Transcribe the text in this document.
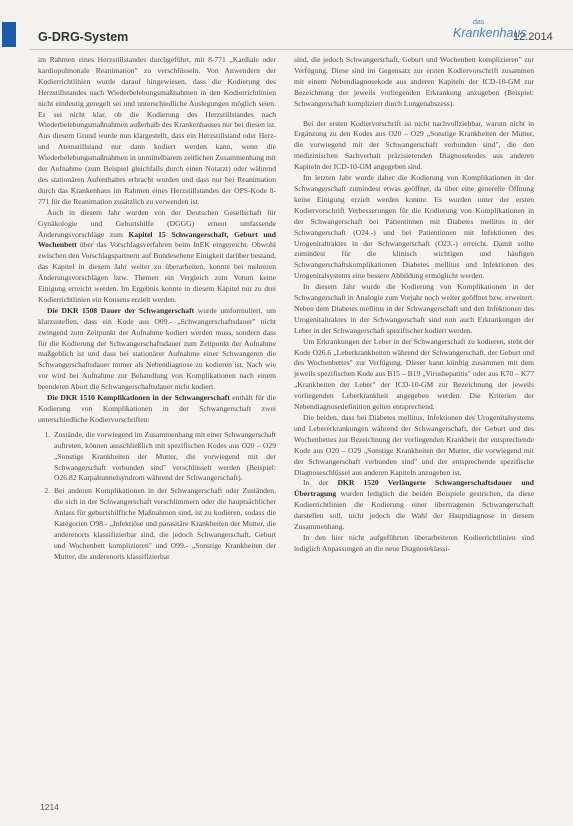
G-DRG-System
das
Krankenhaus
12.2014

im Rahmen eines Herzstillstandes durchgeführt, mit 8-771 „Kardiale oder kardiopulmonale Reanimation" zu verschlüsseln. Von Anwendern der Kodierrichtlinien wurde darauf hingewiesen, dass die Kodierung des Herzstillstandes nach Wiederbelebungsmaßnahmen in den Kodierrichtlinien nicht eindeutig geregelt sei und unterschiedliche Auslegungen möglich seien. Es sei nicht klar, ob die Kodierung des Herzstillstandes nach Wiederbelebungsmaßnahmen außerhalb des Krankenhauses nur bei diesen ist. Aus diesem Grund wurde nun klargestellt, dass ein Herzstillstand oder Herz- und Atemstillstand nur dann kodiert werden kann, wenn die Wiederbelebungsmaßnahmen in unmittelbarem zeitlichen Zusammenhang mit der Aufnahme (zum Beispiel gleichfalls durch einen Notarzt) oder während des stationären Aufenthaltes erbracht wurden und dass nur bei Reanimation durch das Krankenhaus im Rahmen eines Herzstillstandes der OPS-Kode 8-771 für die Reanimation zusätzlich zu verwenden ist.

Auch in diesem Jahr wurden von der Deutschen Gesellschaft für Gynäkologie und Geburtshilfe (DGGG) erneut umfassende Änderungsvorschläge zum Kapitel 15 Schwangerschaft, Geburt und Wochenbett über das Vorschlagsverfahren beim InEK eingereicht. Obwohl zwischen den Vorschlagspartnern auf Bundesebene Einigkeit darüber bestand, das Kapitel in diesem Jahr weiter zu überarbeiten, konnte bei mehreren Änderungsvorschlägen bzw. Themen ein Vergleich zum Votum keine Einigung erreicht werden. Im Ergebnis konnte in diesem Kapitel nur zu drei Kodierrichtlinien ein Konsens erzielt werden.

Die DKR 1508 Dauer der Schwangerschaft wurde umformuliert, um klarzustellen, dass ein Kode aus O09.- „Schwangerschaftsdauer" nicht zwingend zum Zeitpunkt der Aufnahme kodiert werden muss, sondern dass für die Kodierung der Schwangerschaftsdauer zum Zeitpunkt der Aufnahme maßgeblich ist und dass bei stationärer Aufnahme einer Schwangeren die Schwangerschaftsdauer immer als Nebendiagnose zu kodieren ist. Nach wie vor wird bei Aufnahme zur Behandlung von Komplikationen nach einem beendeten Abort die Schwangerschaftsdauer nicht kodiert.

Die DKR 1510 Komplikationen in der Schwangerschaft enthält für die Kodierung von Komplikationen in der Schwangerschaft zwei unterschiedliche Kodiervorschriften:

1. Zustände, die vorwiegend im Zusammenhang mit einer Schwangerschaft auftreten, können ausschließlich mit spezifischen Kodes aus O20 – O29 „Sonstige Krankheiten der Mutter, die vorwiegend mit der Schwangerschaft verbunden sind" verschlüsselt werden (Beispiel: O26.82 Karpaltunnelsyndrom während der Schwangerschaft).
2. Bei anderen Komplikationen in der Schwangerschaft oder Zuständen, die sich in der Schwangerschaft verschlimmern oder die hauptsächlicher Anlass für geburtshilfliche Maßnahmen sind, ist zu kodieren, sodass die Kategorien O98.- „Infektiöse und parasitäre Krankheiten der Mutter, die anderenorts klassifizierbar sind, die jedoch Schwangerschaft, Geburt und Wochenbett komplizieren" und O99.- „Sonstige Krankheiten der Mutter, die anderenorts klassifizierbar

sind, die jedoch Schwangerschaft, Geburt und Wochenbett komplizieren" zur Verfügung. Diese sind im Gegensatz zur ersten Kodiervorschrift zusammen mit einem Nebendiagnosekode aus anderen Kapiteln der ICD-10-GM zur Bezeichnung der jeweils vorliegenden Erkrankung anzugeben (Beispiel: Schwangerschaft kompliziert durch Lungenabszess).

Bei der ersten Kodiervorschrift ist nicht nachvollziehbar, warum nicht in Ergänzung zu den Kodes aus O20 – O29 „Sonstige Krankheiten der Mutter, die vorwiegend mit der Schwangerschaft verbunden sind", die den medizinischen Sachverhalt präzisierenden Diagnosekodes aus anderen Kapiteln der ICD-10-GM angegeben sind.

Im letzten Jahr wurde daher die Kodierung von Komplikationen in der Schwangerschaft zumindest etwas geöffnet, da über eine generelle Öffnung keine Einigung erzielt werden konnte. Es wurden unter der ersten Kodiervorschrift Verbesserungen für die Kodierung von Komplikationen in der Schwangerschaft bei Patientinnen mit Diabetes mellitus in der Schwangerschaft (O24.-) und bei Patientinnen mit Infektionen des Urogenitaltraktes in der Schwangerschaft (O23.-) erreicht. Damit sollte zumindest für die klinisch wichtigen und häufigen Schwangerschaftskomplikationen Diabetes mellitus und Infektionen des Urogenitalsystems eine bessere Abbildung ermöglicht werden.

In diesem Jahr wurde die Kodierung von Komplikationen in der Schwangerschaft in Analogie zum Vorjahr noch weiter geöffnet bzw. erweitert. Neben dem Diabetes mellitus in der Schwangerschaft und den Infektionen des Urogenitaltraktes in der Schwangerschaft sind nun auch Erkrankungen der Leber in der Schwangerschaft spezifischer kodiert werden.

Um Erkrankungen der Leber in der Schwangerschaft zu kodieren, steht der Kode O26.6 „Leberkrankheiten während der Schwangerschaft, der Geburt und des Wochenbettes" zur Verfügung. Dieser kann künftig zusammen mit dem jeweils spezifischen Kode aus B15 – B19 „Virushepatitis" oder aus K70 – K77 „Krankheiten der Leber" der ICD-10-GM zur Bezeichnung der jeweils vorliegenden Leberkrankheit angegeben werden. Die Kriterien der Nebendiagnosedefinition gelten entsprechend.

Die beiden, dass bei Diabetes mellitus, Infektionen des Urogenitalsystems und Lebererkrankungen während der Schwangerschaft, der Geburt und des Wochenbettes zur Bezeichnung der vorliegenden Krankheit der entsprechende Kode aus O20 – O29 „Sonstige Krankheiten der Mutter, die vorwiegend mit der Schwangerschaft verbunden sind" und der entsprechende spezifische Diagnoseschlüssel aus anderen Kapiteln anzugeben ist.

In der DKR 1520 Verlängerte Schwangerschaftsdauer und Übertragung wurden lediglich die beiden Beispiele gestrichen, da diese Kodierrichtlinien die Kodierung einer übertragenen Schwangerschaft darstellen soll, nicht jedoch die Wahl der Hauptdiagnose in diesem Zusammenhang.

In den hier nicht aufgeführten überarbeiteten Kodierrichtlinien sind lediglich Anpassungen an die neue Diagnoseklassi-

1214
